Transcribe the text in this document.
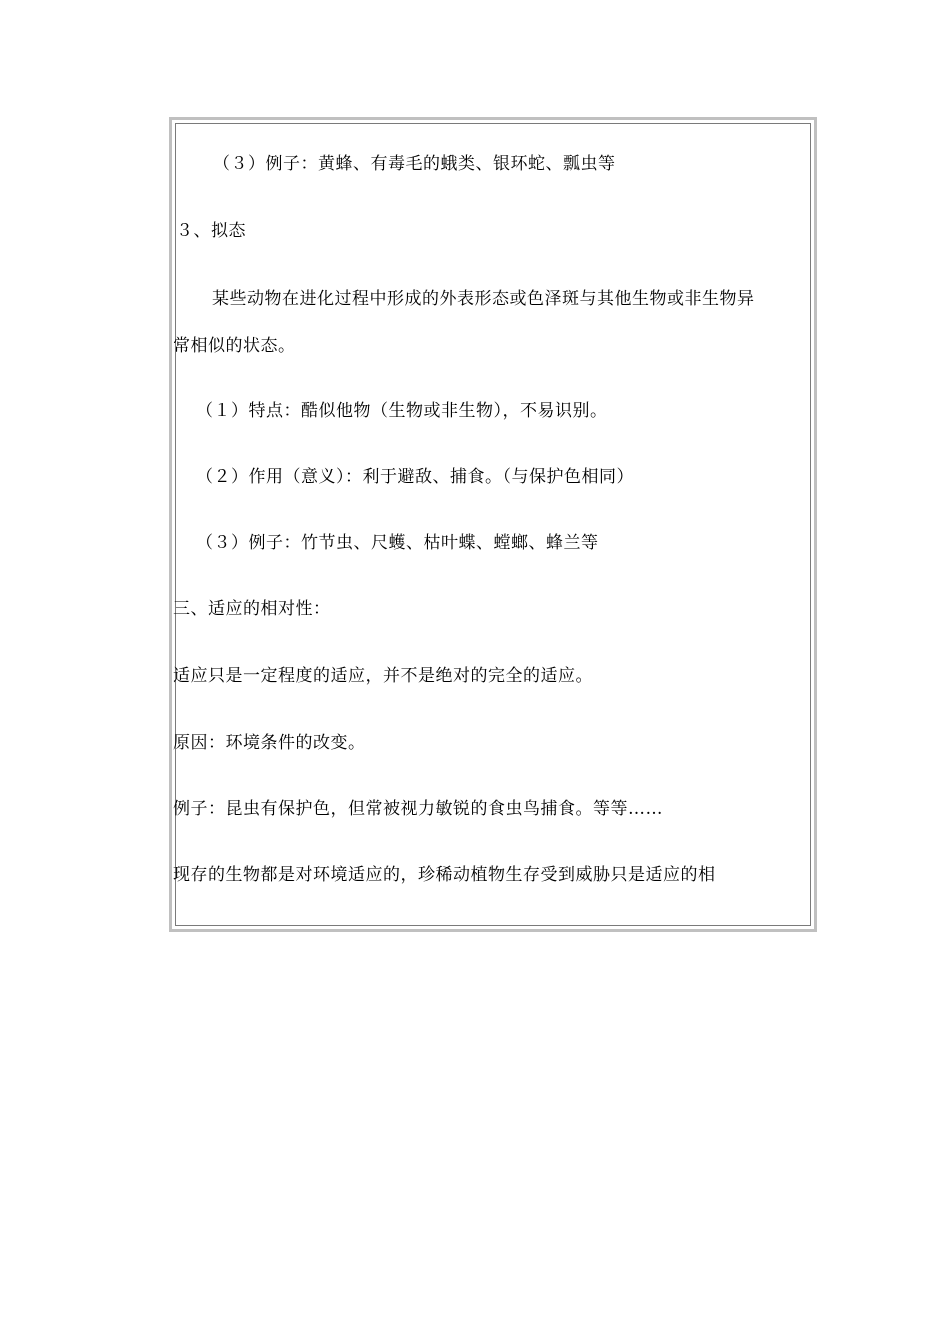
（３）例子：黄蜂、有毒毛的蛾类、银环蛇、瓢虫等
３、拟态
某些动物在进化过程中形成的外表形态或色泽斑与其他生物或非生物异
常相似的状态。
（１）特点：酷似他物（生物或非生物），不易识别。
（２）作用（意义）：利于避敌、捕食。（与保护色相同）
（３）例子：竹节虫、尺蠖、枯叶蝶、螳螂、蜂兰等
三、适应的相对性：
适应只是一定程度的适应，并不是绝对的完全的适应。
原因：环境条件的改变。
例子：昆虫有保护色，但常被视力敏锐的食虫鸟捕食。等等……
现存的生物都是对环境适应的，珍稀动植物生存受到威胁只是适应的相
